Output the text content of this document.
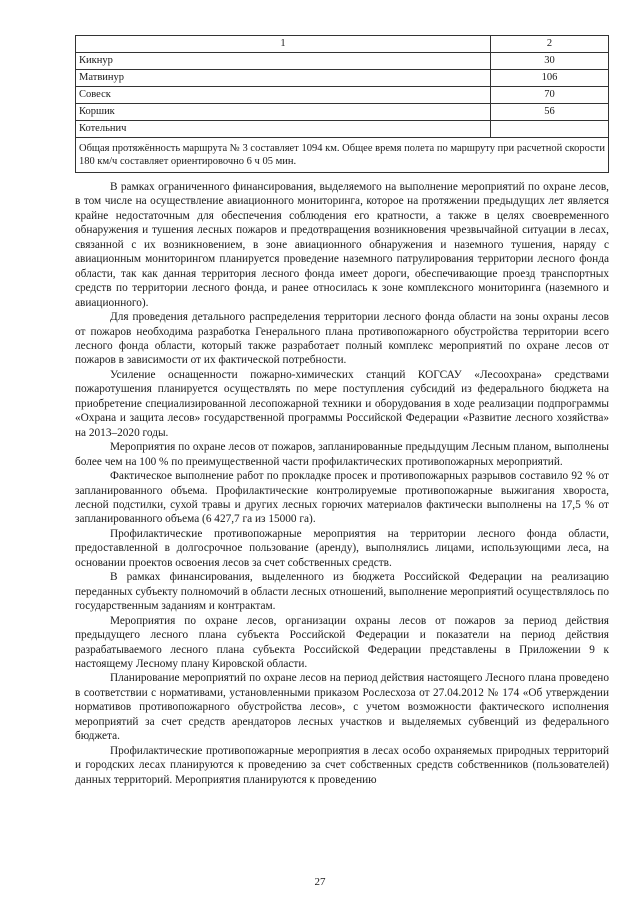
1	2
Кикнур	30
Матвинур	106
Совеск	70
Коршик	56
Котельнич	
Общая протяжённость маршрута № 3 составляет 1094 км. Общее время полета по маршруту при расчетной скорости 180 км/ч составляет ориентировочно 6 ч 05 мин.	

В рамках ограниченного финансирования, выделяемого на выполнение мероприятий по охране лесов, в том числе на осуществление авиационного мониторинга, которое на протяжении предыдущих лет является крайне недостаточным для обеспечения соблюдения его кратности, а также в целях своевременного обнаружения и тушения лесных пожаров и предотвращения возникновения чрезвычайной ситуации в лесах, связанной с их возникновением, в зоне авиационного обнаружения и наземного тушения, наряду с авиационным мониторингом планируется проведение наземного патрулирования территории лесного фонда области, так как данная территория лесного фонда имеет дороги, обеспечивающие проезд транспортных средств по территории лесного фонда, и ранее относилась к зоне комплексного мониторинга (наземного и авиационного).

Для проведения детального распределения территории лесного фонда области на зоны охраны лесов от пожаров необходима разработка Генерального плана противопожарного обустройства территории всего лесного фонда области, который также разработает полный комплекс мероприятий по охране лесов от пожаров в зависимости от их фактической потребности.

Усиление оснащенности пожарно-химических станций КОГСАУ «Лесоохрана» средствами пожаротушения планируется осуществлять по мере поступления субсидий из федерального бюджета на приобретение специализированной лесопожарной техники и оборудования в ходе реализации подпрограммы «Охрана и защита лесов» государственной программы Российской Федерации «Развитие лесного хозяйства» на 2013–2020 годы.

Мероприятия по охране лесов от пожаров, запланированные предыдущим Лесным планом, выполнены более чем на 100 % по преимущественной части профилактических противопожарных мероприятий.

Фактическое выполнение работ по прокладке просек и противопожарных разрывов составило 92 % от запланированного объема. Профилактические контролируемые противопожарные выжигания хвороста, лесной подстилки, сухой травы и других лесных горючих материалов фактически выполнены на 17,5 % от запланированного объема (6 427,7 га из 15000 га).

Профилактические противопожарные мероприятия на территории лесного фонда области, предоставленной в долгосрочное пользование (аренду), выполнялись лицами, использующими леса, на основании проектов освоения лесов за счет собственных средств.

В рамках финансирования, выделенного из бюджета Российской Федерации на реализацию переданных субъекту полномочий в области лесных отношений, выполнение мероприятий осуществлялось по государственным заданиям и контрактам.

Мероприятия по охране лесов, организации охраны лесов от пожаров за период действия предыдущего лесного плана субъекта Российской Федерации и показатели на период действия разрабатываемого лесного плана субъекта Российской Федерации представлены в Приложении 9 к настоящему Лесному плану Кировской области.

Планирование мероприятий по охране лесов на период действия настоящего Лесного плана проведено в соответствии с нормативами, установленными приказом Рослесхоза от 27.04.2012 № 174 «Об утверждении нормативов противопожарного обустройства лесов», с учетом возможности фактического исполнения мероприятий за счет средств арендаторов лесных участков и выделяемых субвенций из федерального бюджета.

Профилактические противопожарные мероприятия в лесах особо охраняемых природных территорий и городских лесах планируются к проведению за счет собственных средств собственников (пользователей) данных территорий. Мероприятия планируются к проведению

27
